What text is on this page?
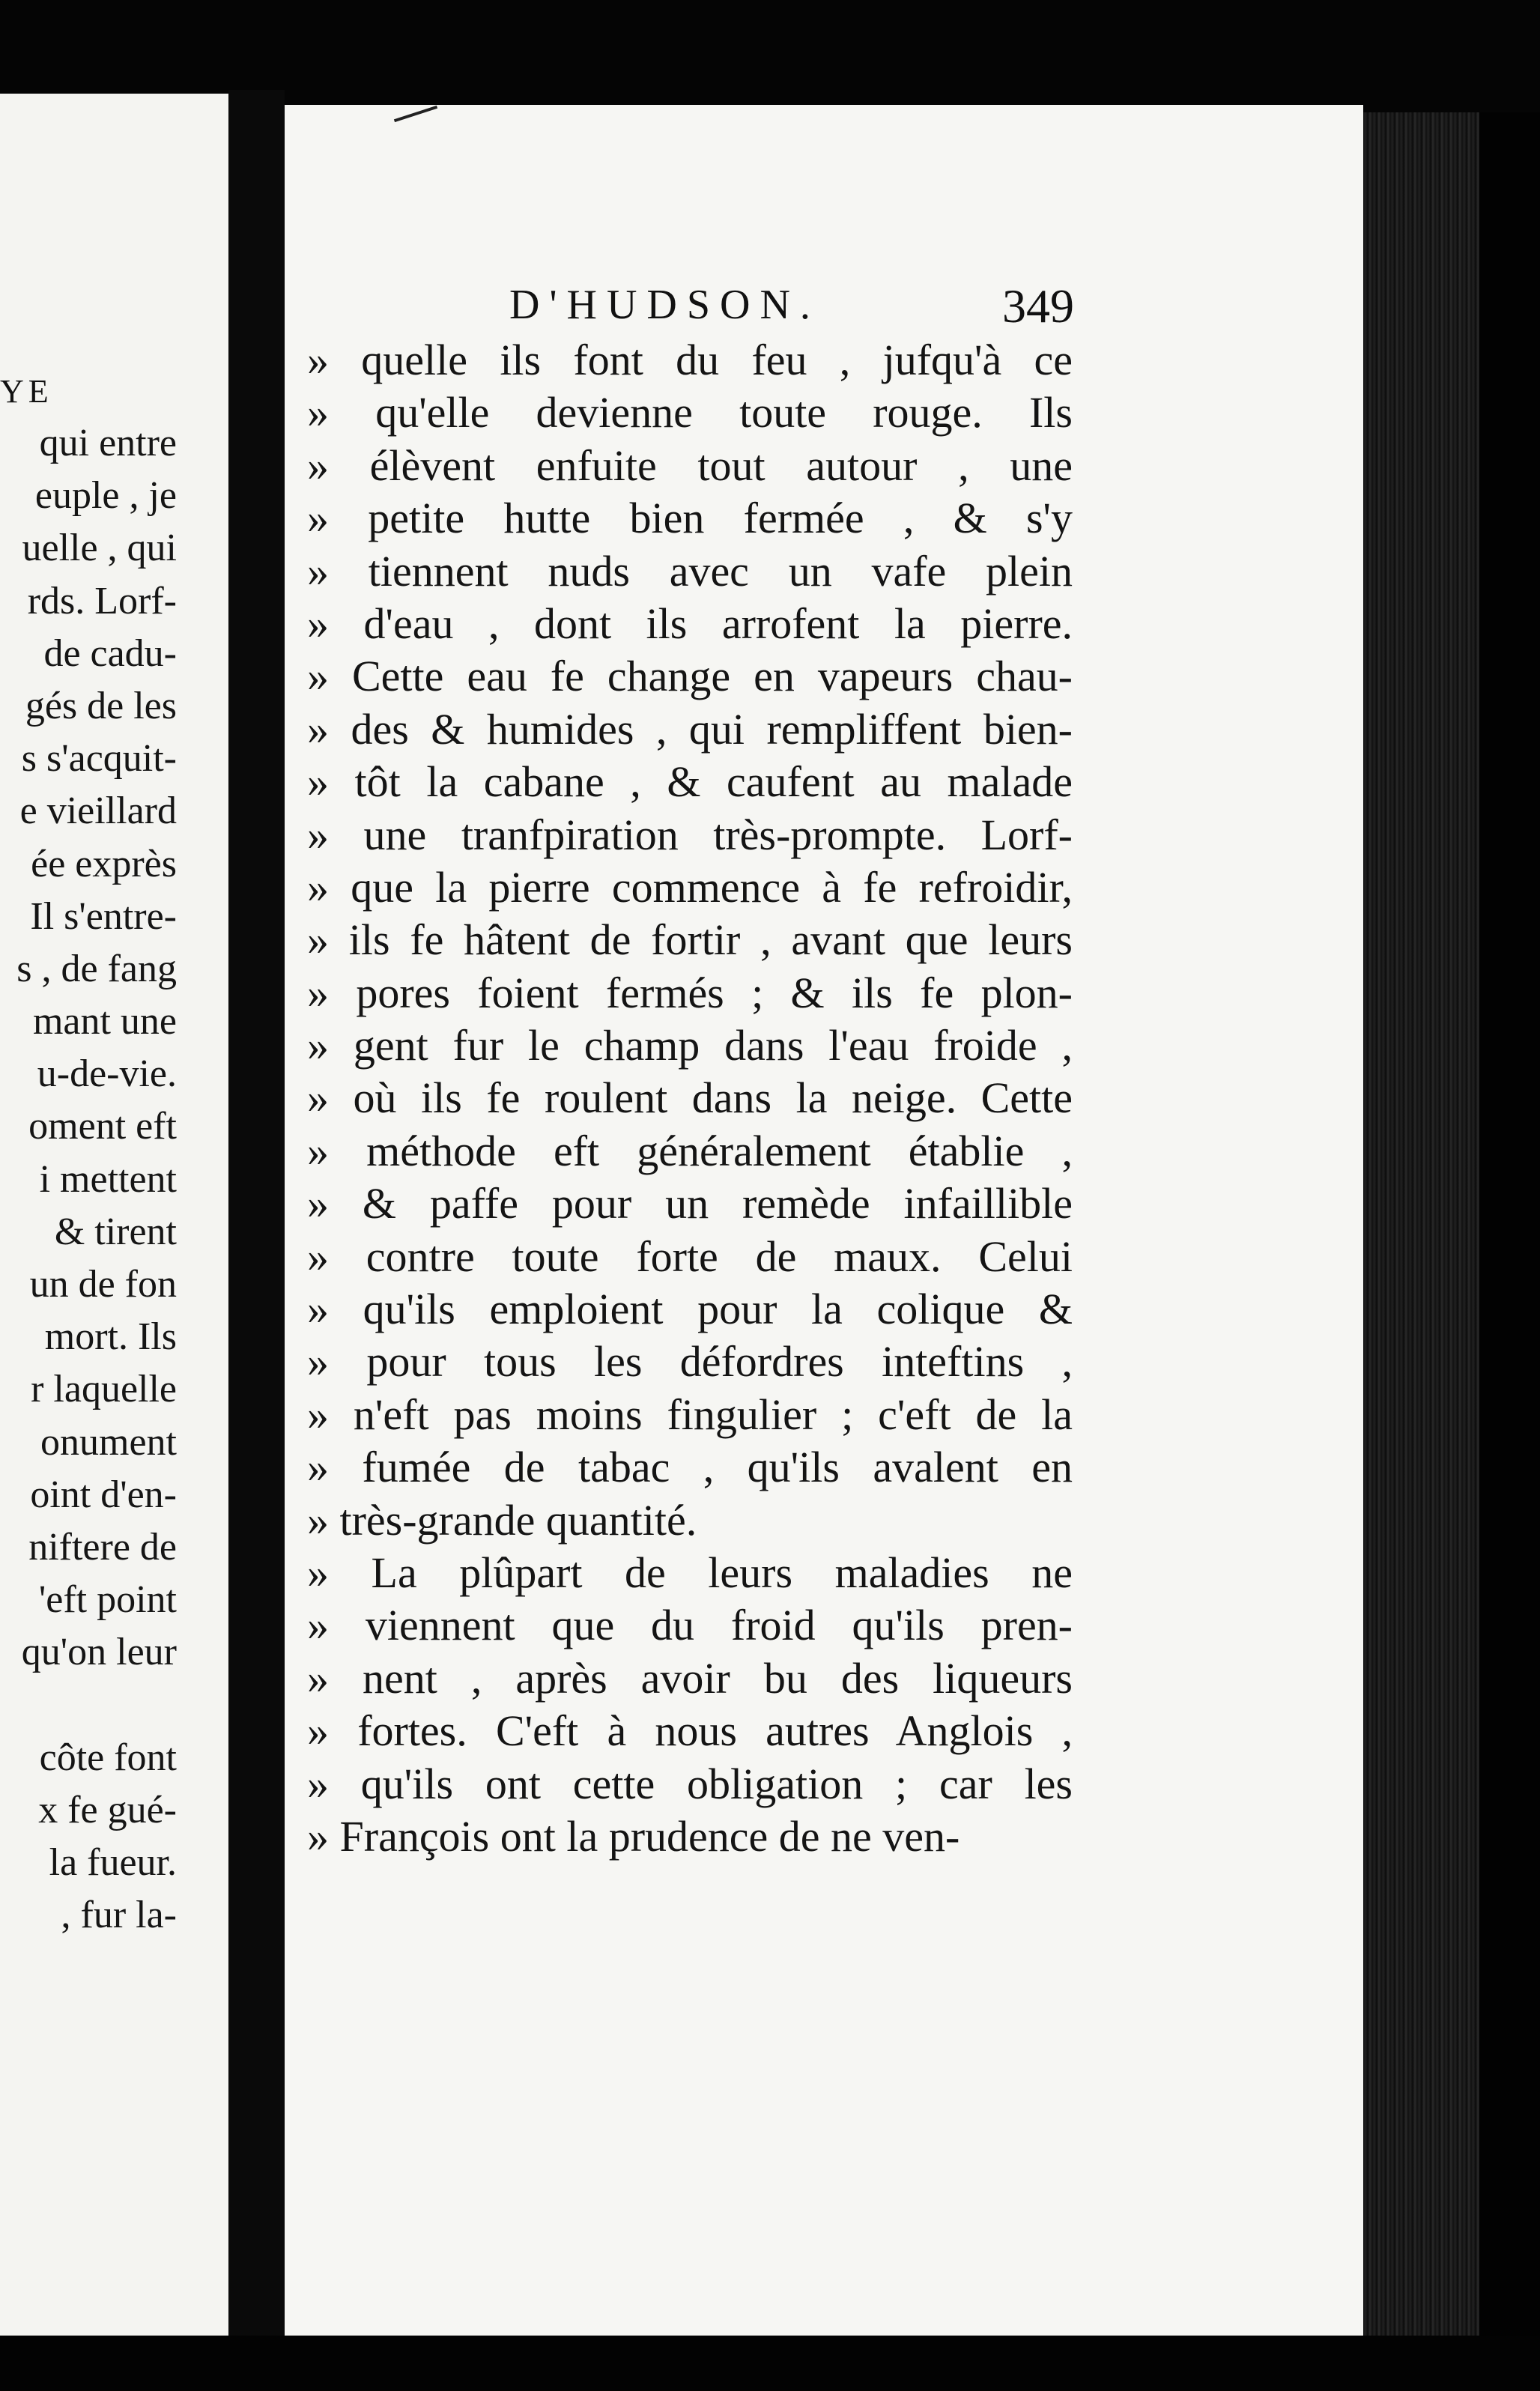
YE
qui entre
euple , je
uelle , qui
rds. Lorf-
de cadu-
gés de les
s s'acquit-
e vieillard
ée exprès
Il s'entre-
s , de fang
mant une
u-de-vie.
oment eft
i mettent
& tirent
un de fon
mort. Ils
r laquelle
onument
oint d'en-
niftere de
'eft point
qu'on leur
côte font
x fe gué-
la fueur.
, fur la-
D'HUDSON.	349
» quelle ils font du feu , jufqu'à ce
» qu'elle devienne toute rouge. Ils
» élèvent enfuite tout autour , une
» petite hutte bien fermée , & s'y
» tiennent nuds avec un vafe plein
» d'eau , dont ils arrofent la pierre.
» Cette eau fe change en vapeurs chau-
» des & humides , qui rempliffent bien-
» tôt la cabane , & caufent au malade
» une tranfpiration très-prompte. Lorf-
» que la pierre commence à fe refroidir,
» ils fe hâtent de fortir , avant que leurs
» pores foient fermés ; & ils fe plon-
» gent fur le champ dans l'eau froide ,
» où ils fe roulent dans la neige. Cette
» méthode eft généralement établie ,
» & paffe pour un remède infaillible
» contre toute forte de maux. Celui
» qu'ils emploient pour la colique &
» pour tous les défordres inteftins ,
» n'eft pas moins fingulier ; c'eft de la
» fumée de tabac , qu'ils avalent en
» très-grande quantité.
» La plûpart de leurs maladies ne
» viennent que du froid qu'ils pren-
» nent , après avoir bu des liqueurs
» fortes. C'eft à nous autres Anglois ,
» qu'ils ont cette obligation ; car les
» François ont la prudence de ne ven-
